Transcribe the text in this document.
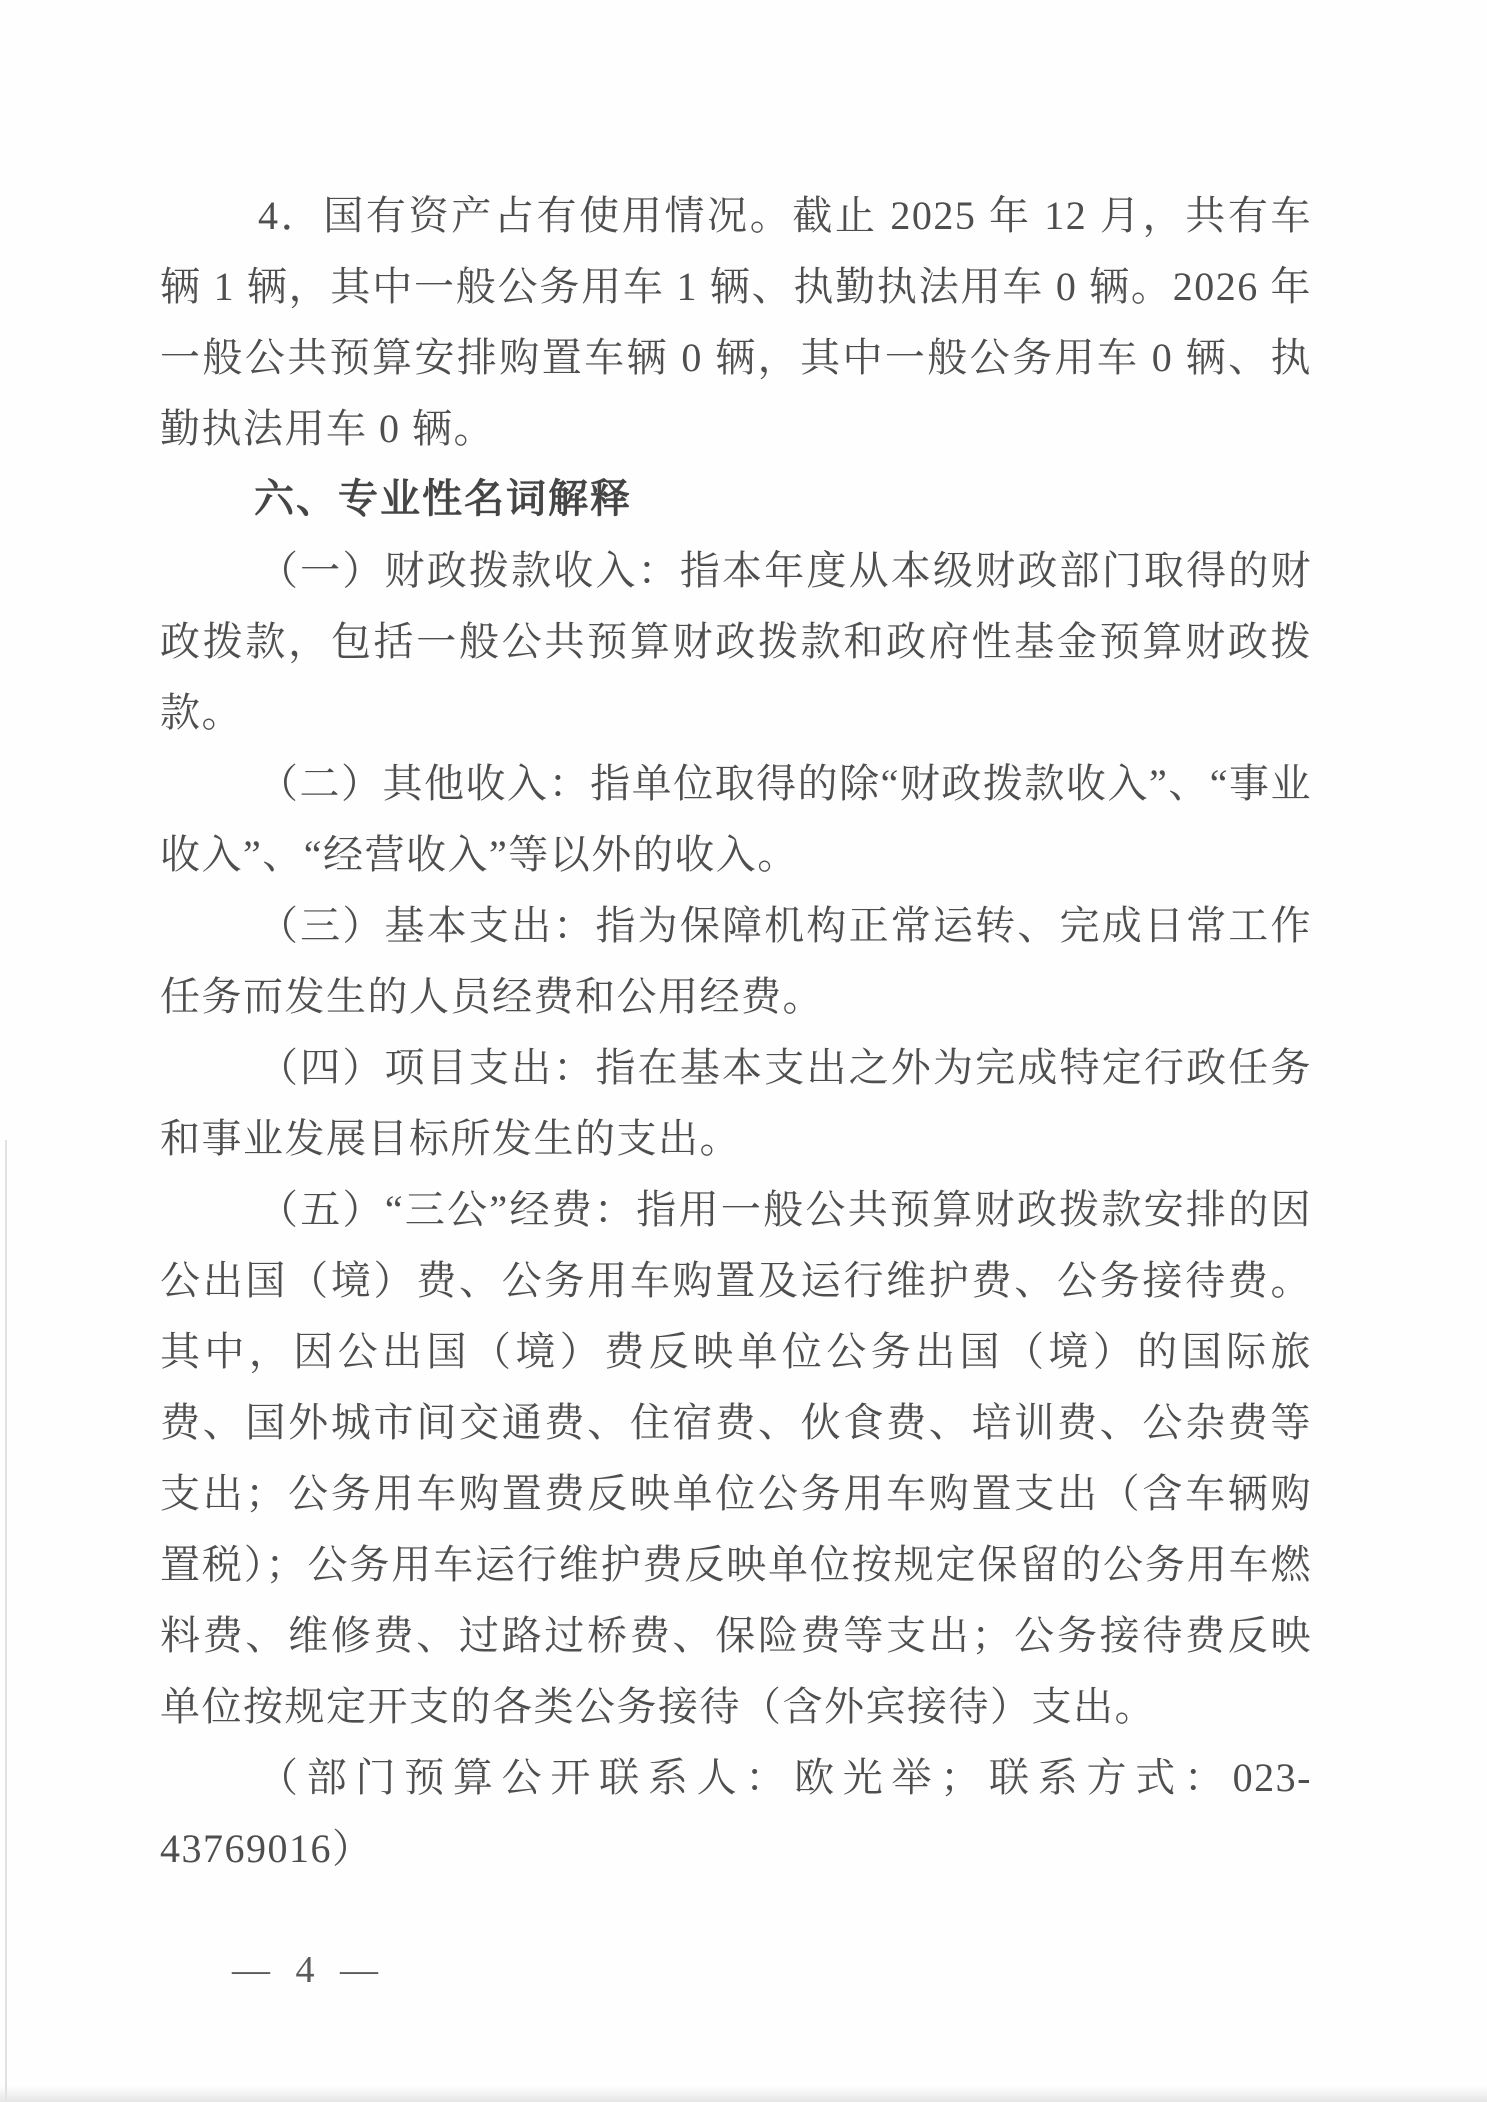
4．国有资产占有使用情况。截止 2025 年 12 月，共有车辆 1 辆，其中一般公务用车 1 辆、执勤执法用车 0 辆。2026 年一般公共预算安排购置车辆 0 辆，其中一般公务用车 0 辆、执勤执法用车 0 辆。

六、专业性名词解释

（一）财政拨款收入：指本年度从本级财政部门取得的财政拨款，包括一般公共预算财政拨款和政府性基金预算财政拨款。

（二）其他收入：指单位取得的除“财政拨款收入”、“事业收入”、“经营收入”等以外的收入。

（三）基本支出：指为保障机构正常运转、完成日常工作任务而发生的人员经费和公用经费。

（四）项目支出：指在基本支出之外为完成特定行政任务和事业发展目标所发生的支出。

（五）“三公”经费：指用一般公共预算财政拨款安排的因公出国（境）费、公务用车购置及运行维护费、公务接待费。其中，因公出国（境）费反映单位公务出国（境）的国际旅费、国外城市间交通费、住宿费、伙食费、培训费、公杂费等支出；公务用车购置费反映单位公务用车购置支出（含车辆购置税）；公务用车运行维护费反映单位按规定保留的公务用车燃料费、维修费、过路过桥费、保险费等支出；公务接待费反映单位按规定开支的各类公务接待（含外宾接待）支出。

（部门预算公开联系人：欧光举；联系方式：023-43769016）

— 4 —
